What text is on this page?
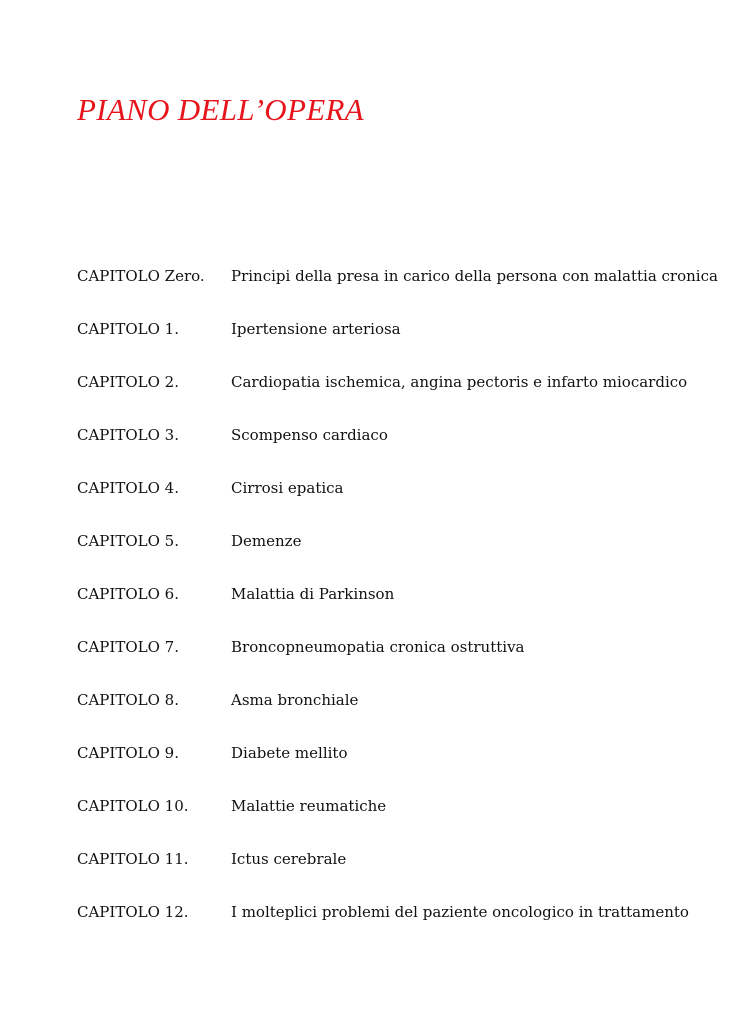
PIANO DELL’OPERA
CAPITOLO Zero. Principi della presa in carico della persona con malattia cronica
CAPITOLO 1.	Ipertensione arteriosa
CAPITOLO 2.	Cardiopatia ischemica, angina pectoris e infarto miocardico
CAPITOLO 3.	Scompenso cardiaco
CAPITOLO 4.	Cirrosi epatica
CAPITOLO 5.	Demenze
CAPITOLO 6.	Malattia di Parkinson
CAPITOLO 7.	Broncopneumopatia cronica ostruttiva
CAPITOLO 8.	Asma bronchiale
CAPITOLO 9.	Diabete mellito
CAPITOLO 10.	Malattie reumatiche
CAPITOLO 11.	Ictus cerebrale
CAPITOLO 12.	I molteplici problemi del paziente oncologico in trattamento
